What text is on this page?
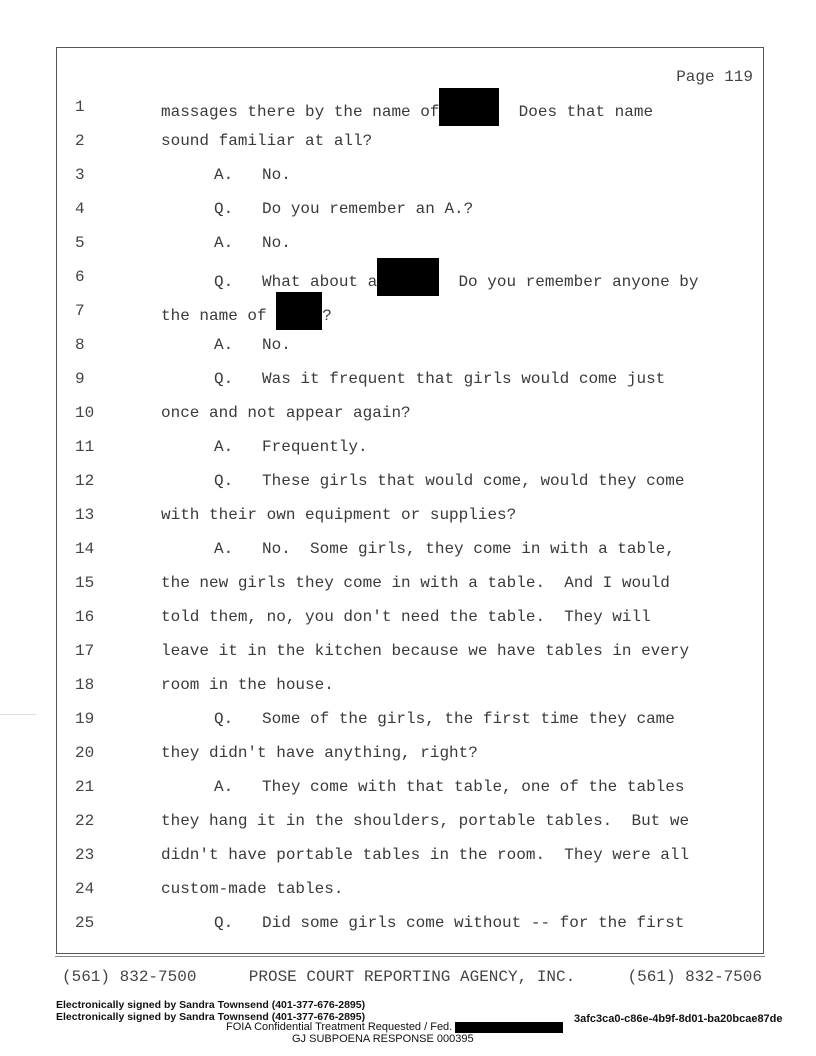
Page 119
1	massages there by the name of	Does that name
2	sound familiar at all?
3	A.   No.
4	Q.   Do you remember an A.?
5	A.   No.
6	Q.   What about a	Do you remember anyone by
7	the name of	?
8	A.   No.
9	Q.   Was it frequent that girls would come just
10	once and not appear again?
11	A.   Frequently.
12	Q.   These girls that would come, would they come
13	with their own equipment or supplies?
14	A.   No.  Some girls, they come in with a table,
15	the new girls they come in with a table.  And I would
16	told them, no, you don't need the table.  They will
17	leave it in the kitchen because we have tables in every
18	room in the house.
19	Q.   Some of the girls, the first time they came
20	they didn't have anything, right?
21	A.   They come with that table, one of the tables
22	they hang it in the shoulders, portable tables.  But we
23	didn't have portable tables in the room.  They were all
24	custom-made tables.
25	Q.   Did some girls come without -- for the first
(561) 832-7500	PROSE COURT REPORTING AGENCY, INC.	(561) 832-7506
Electronically signed by Sandra Townsend (401-377-676-2895)
Electronically signed by Sandra Townsend (401-377-676-2895)
FOIA Confidential Treatment Requested / Fed.
3afc3ca0-c86e-4b9f-8d01-ba20bcae87de
GJ SUBPOENA RESPONSE 000395
